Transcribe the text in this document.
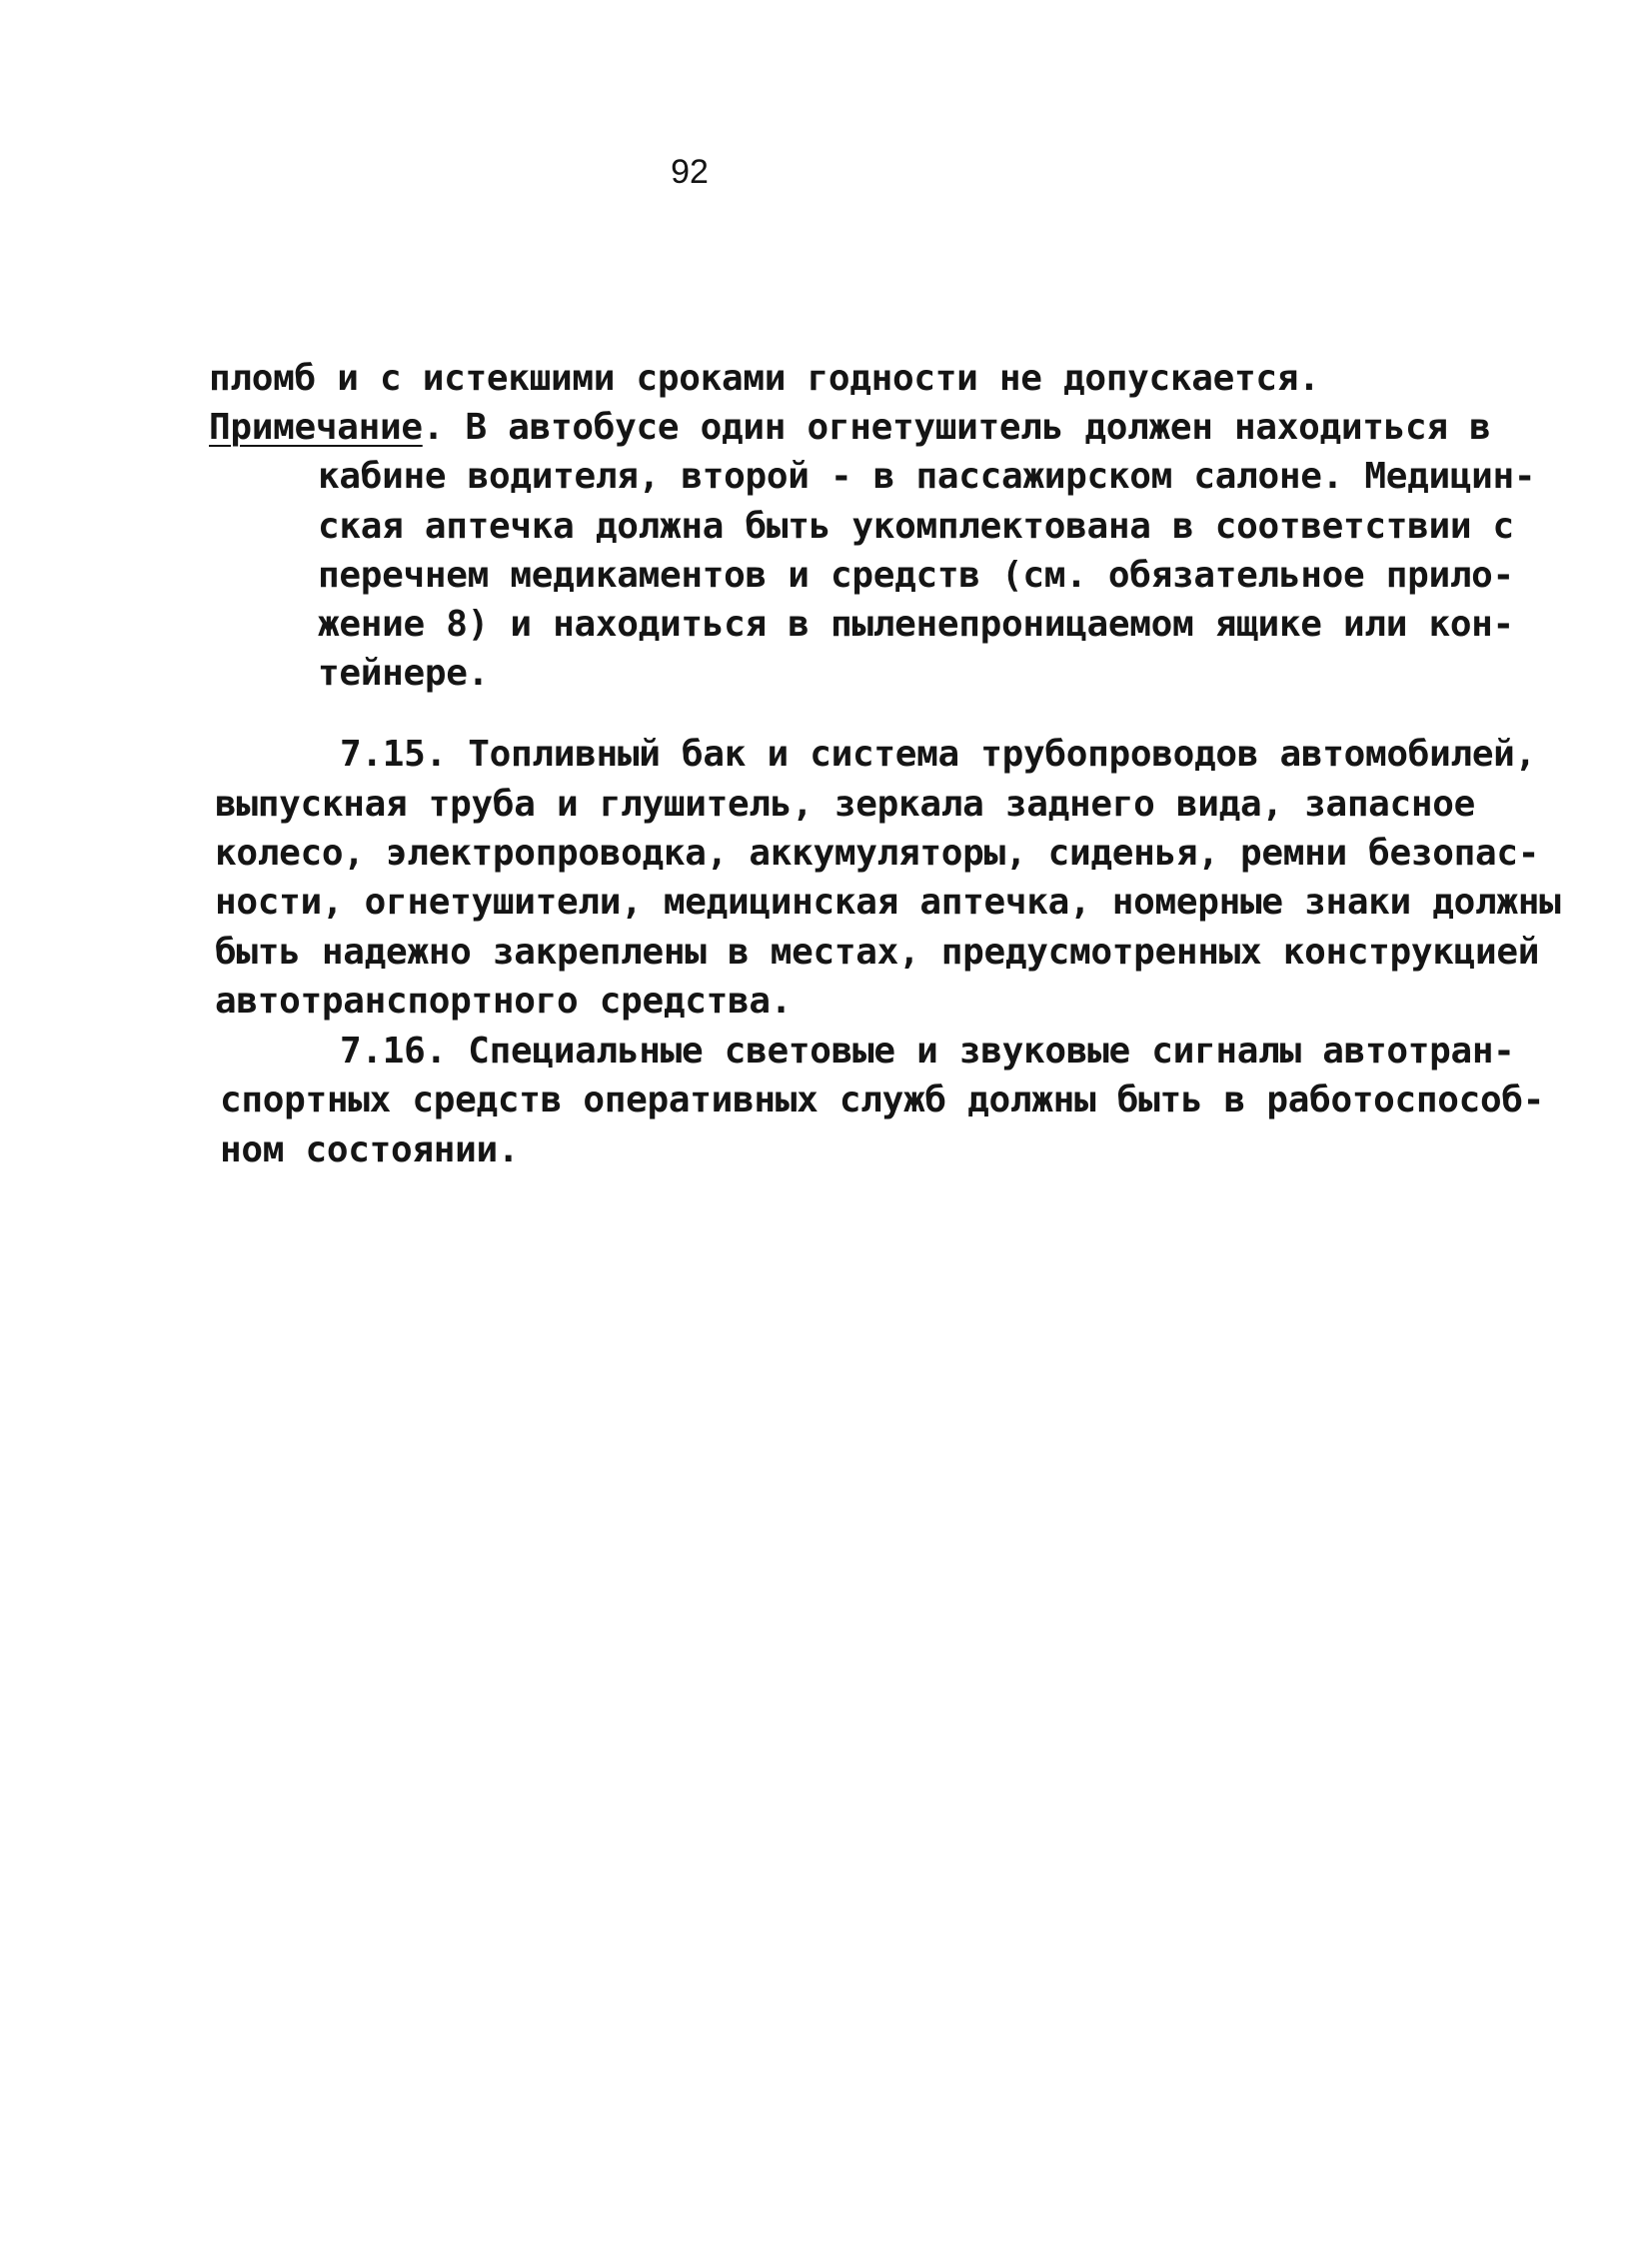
92
пломб и с истекшими сроками годности не допускается.
Примечание. В автобусе один огнетушитель должен находиться в
кабине водителя, второй - в пассажирском салоне. Медицин-
ская аптечка должна быть укомплектована в соответствии с
перечнем медикаментов и средств (см. обязательное прило-
жение 8) и находиться в пыленепроницаемом ящике или кон-
тейнере.
7.15. Топливный бак и система трубопроводов автомобилей,
выпускная труба и глушитель, зеркала заднего вида, запасное
колесо, электропроводка, аккумуляторы, сиденья, ремни безопас-
ности, огнетушители, медицинская аптечка, номерные знаки должны
быть надежно закреплены в местах, предусмотренных конструкцией
автотранспортного средства.
7.16. Специальные световые и звуковые сигналы автотран-
спортных средств оперативных служб должны быть в работоспособ-
ном состоянии.
